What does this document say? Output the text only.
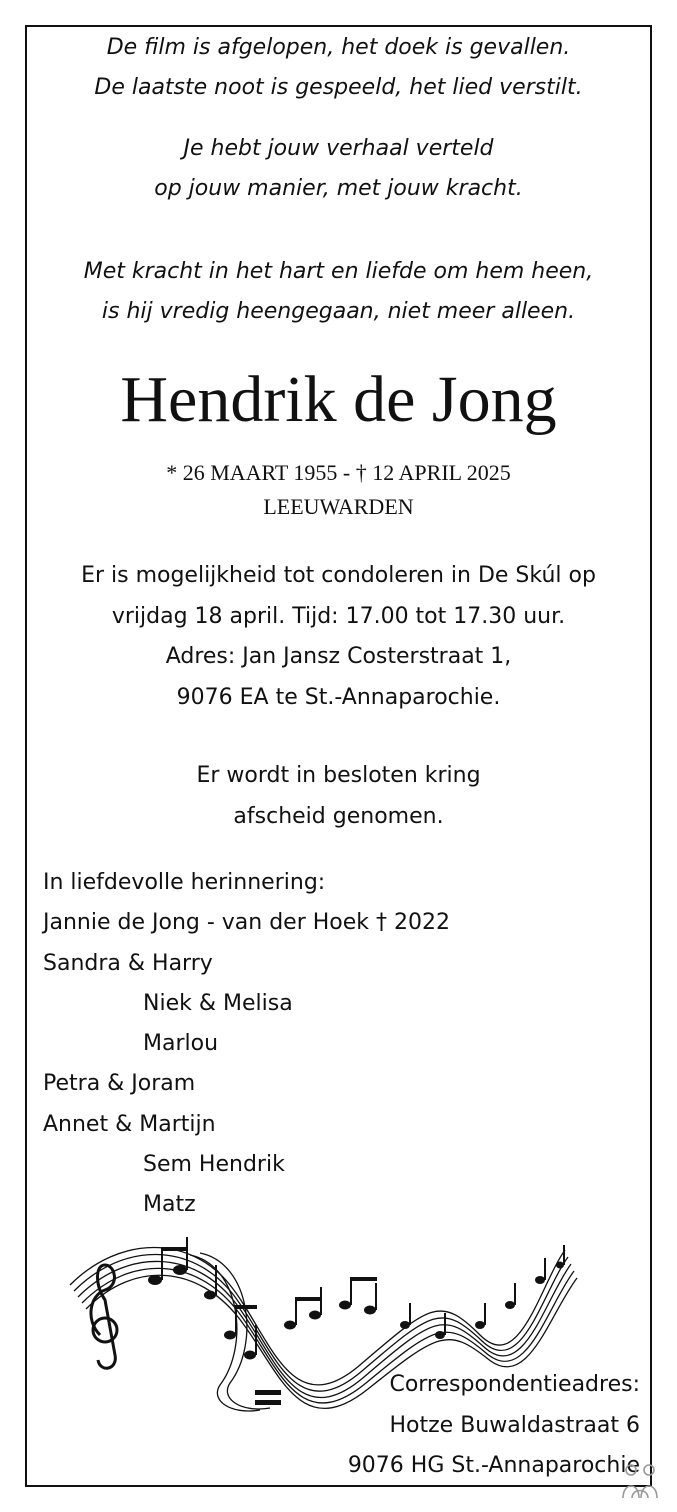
De film is afgelopen, het doek is gevallen.
De laatste noot is gespeeld, het lied verstilt.
Je hebt jouw verhaal verteld
op jouw manier, met jouw kracht.
Met kracht in het hart en liefde om hem heen,
is hij vredig heengegaan, niet meer alleen.
Hendrik de Jong
* 26 MAART 1955 - † 12 APRIL 2025
LEEUWARDEN
Er is mogelijkheid tot condoleren in De Skúl op
vrijdag 18 april. Tijd: 17.00 tot 17.30 uur.
Adres: Jan Jansz Costerstraat 1,
9076 EA te St.-Annaparochie.
Er wordt in besloten kring
afscheid genomen.
In liefdevolle herinnering:
Jannie de Jong - van der Hoek † 2022
Sandra & Harry
Niek & Melisa
Marlou
Petra & Joram
Annet & Martijn
Sem Hendrik
Matz
Correspondentieadres:
Hotze Buwaldastraat 6
9076 HG St.-Annaparochie
